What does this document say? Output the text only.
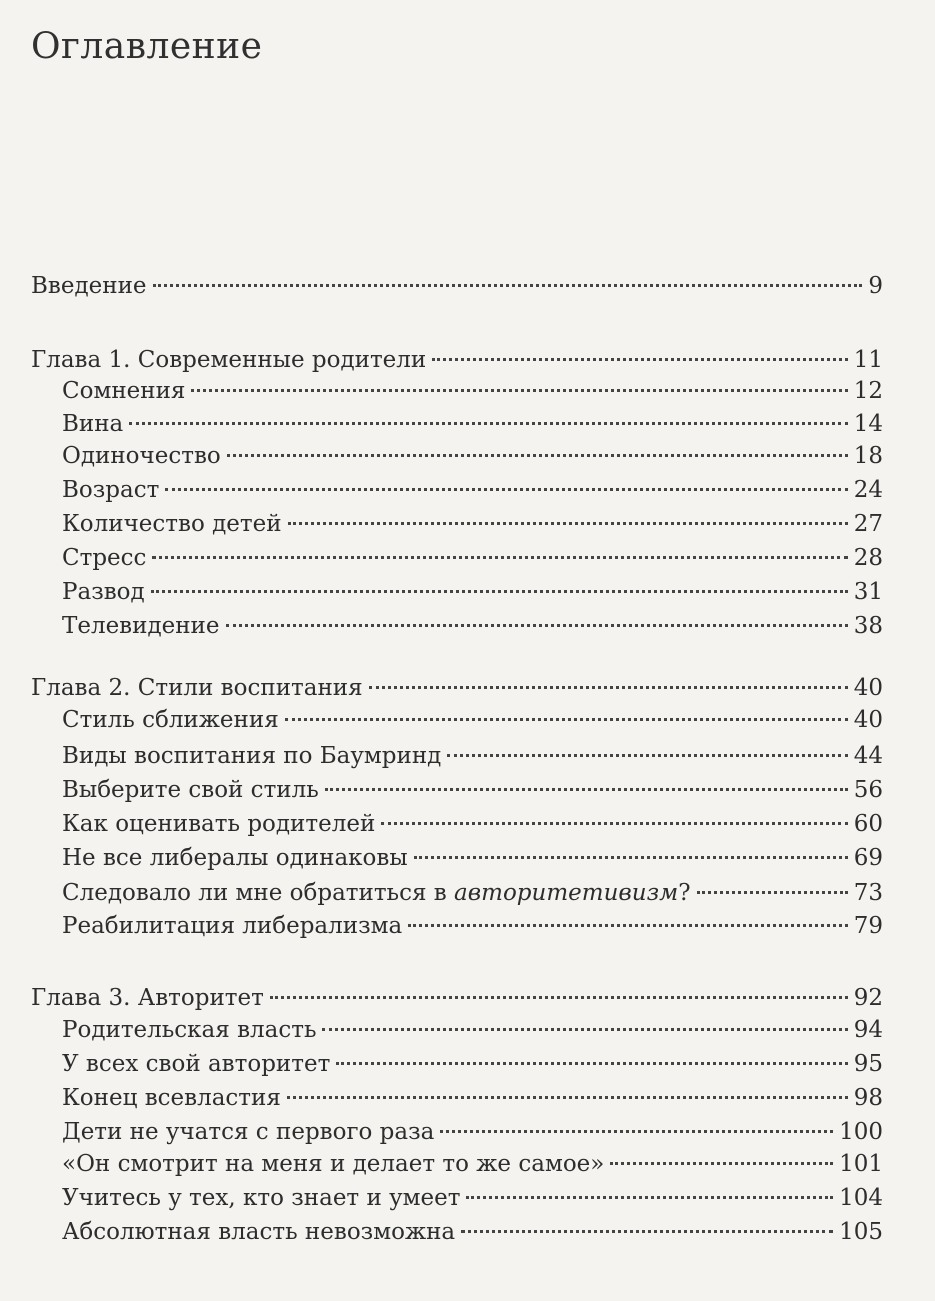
Оглавление
Введение	9
Глава 1. Современные родители	11
Сомнения	12
Вина	14
Одиночество	18
Возраст	24
Количество детей	27
Стресс	28
Развод	31
Телевидение	38
Глава 2. Стили воспитания	40
Стиль сближения	40
Виды воспитания по Баумринд	44
Выберите свой стиль	56
Как оценивать родителей	60
Не все либералы одинаковы	69
Следовало ли мне обратиться в авторитетивизм?	73
Реабилитация либерализма	79
Глава 3. Авторитет	92
Родительская власть	94
У всех свой авторитет	95
Конец всевластия	98
Дети не учатся с первого раза	100
«Он смотрит на меня и делает то же самое»	101
Учитесь у тех, кто знает и умеет	104
Абсолютная власть невозможна	105
